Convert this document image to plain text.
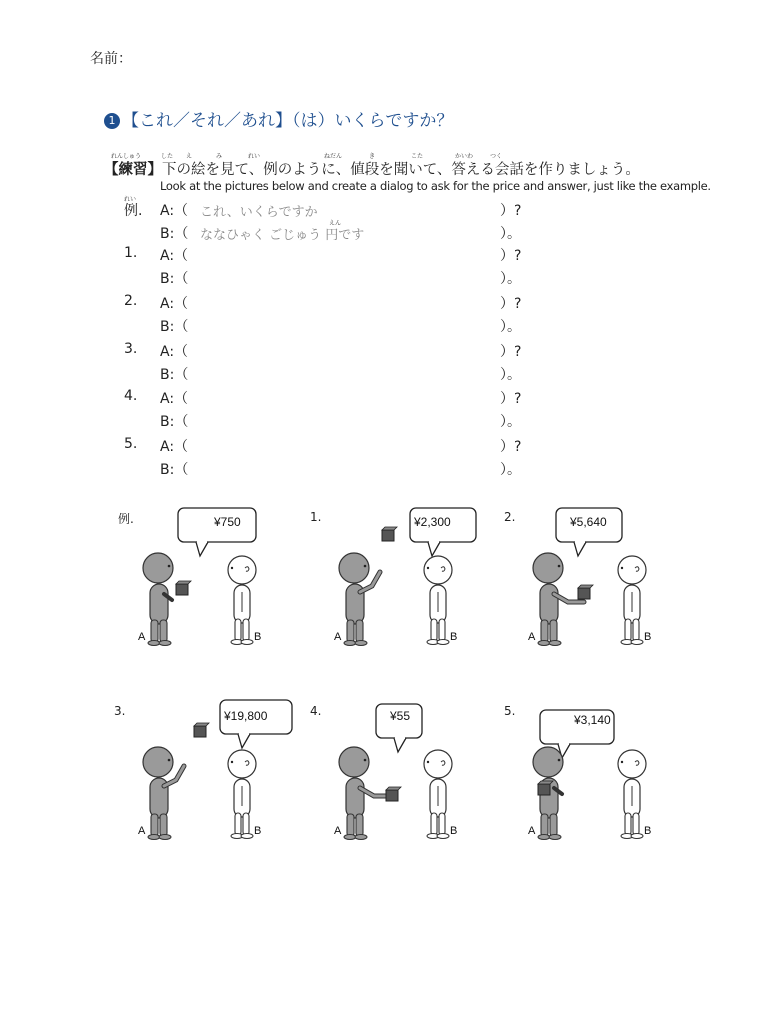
名前：
1 【これ／それ／あれ】（は）いくらですか？
れんしゅう	した え	み	れい	ねだん	き	こた	かいわ	つく
【練習】下の絵を見て、例のように、値段を聞いて、答える会話を作りましょう。
Look at the pictures below and create a dialog to ask for the price and answer, just like the example.
れい
例. A:（ これ、いくらですか	）?
えん
B:（ ななひゃく ごじゅう 円です	）。
1. A:（	）?
B:（	）。
2. A:（	）?
B:（	）。
3. A:（	）?
B:（	）。
4. A:（	）?
B:（	）。
5. A:（	）?
B:（	）。
例.	¥750
A	B
1.	¥2,300
A	B
2.	¥5,640
A	B
3.	¥19,800
A	B
4.	¥55
A	B
5.
¥3,140
A	B
